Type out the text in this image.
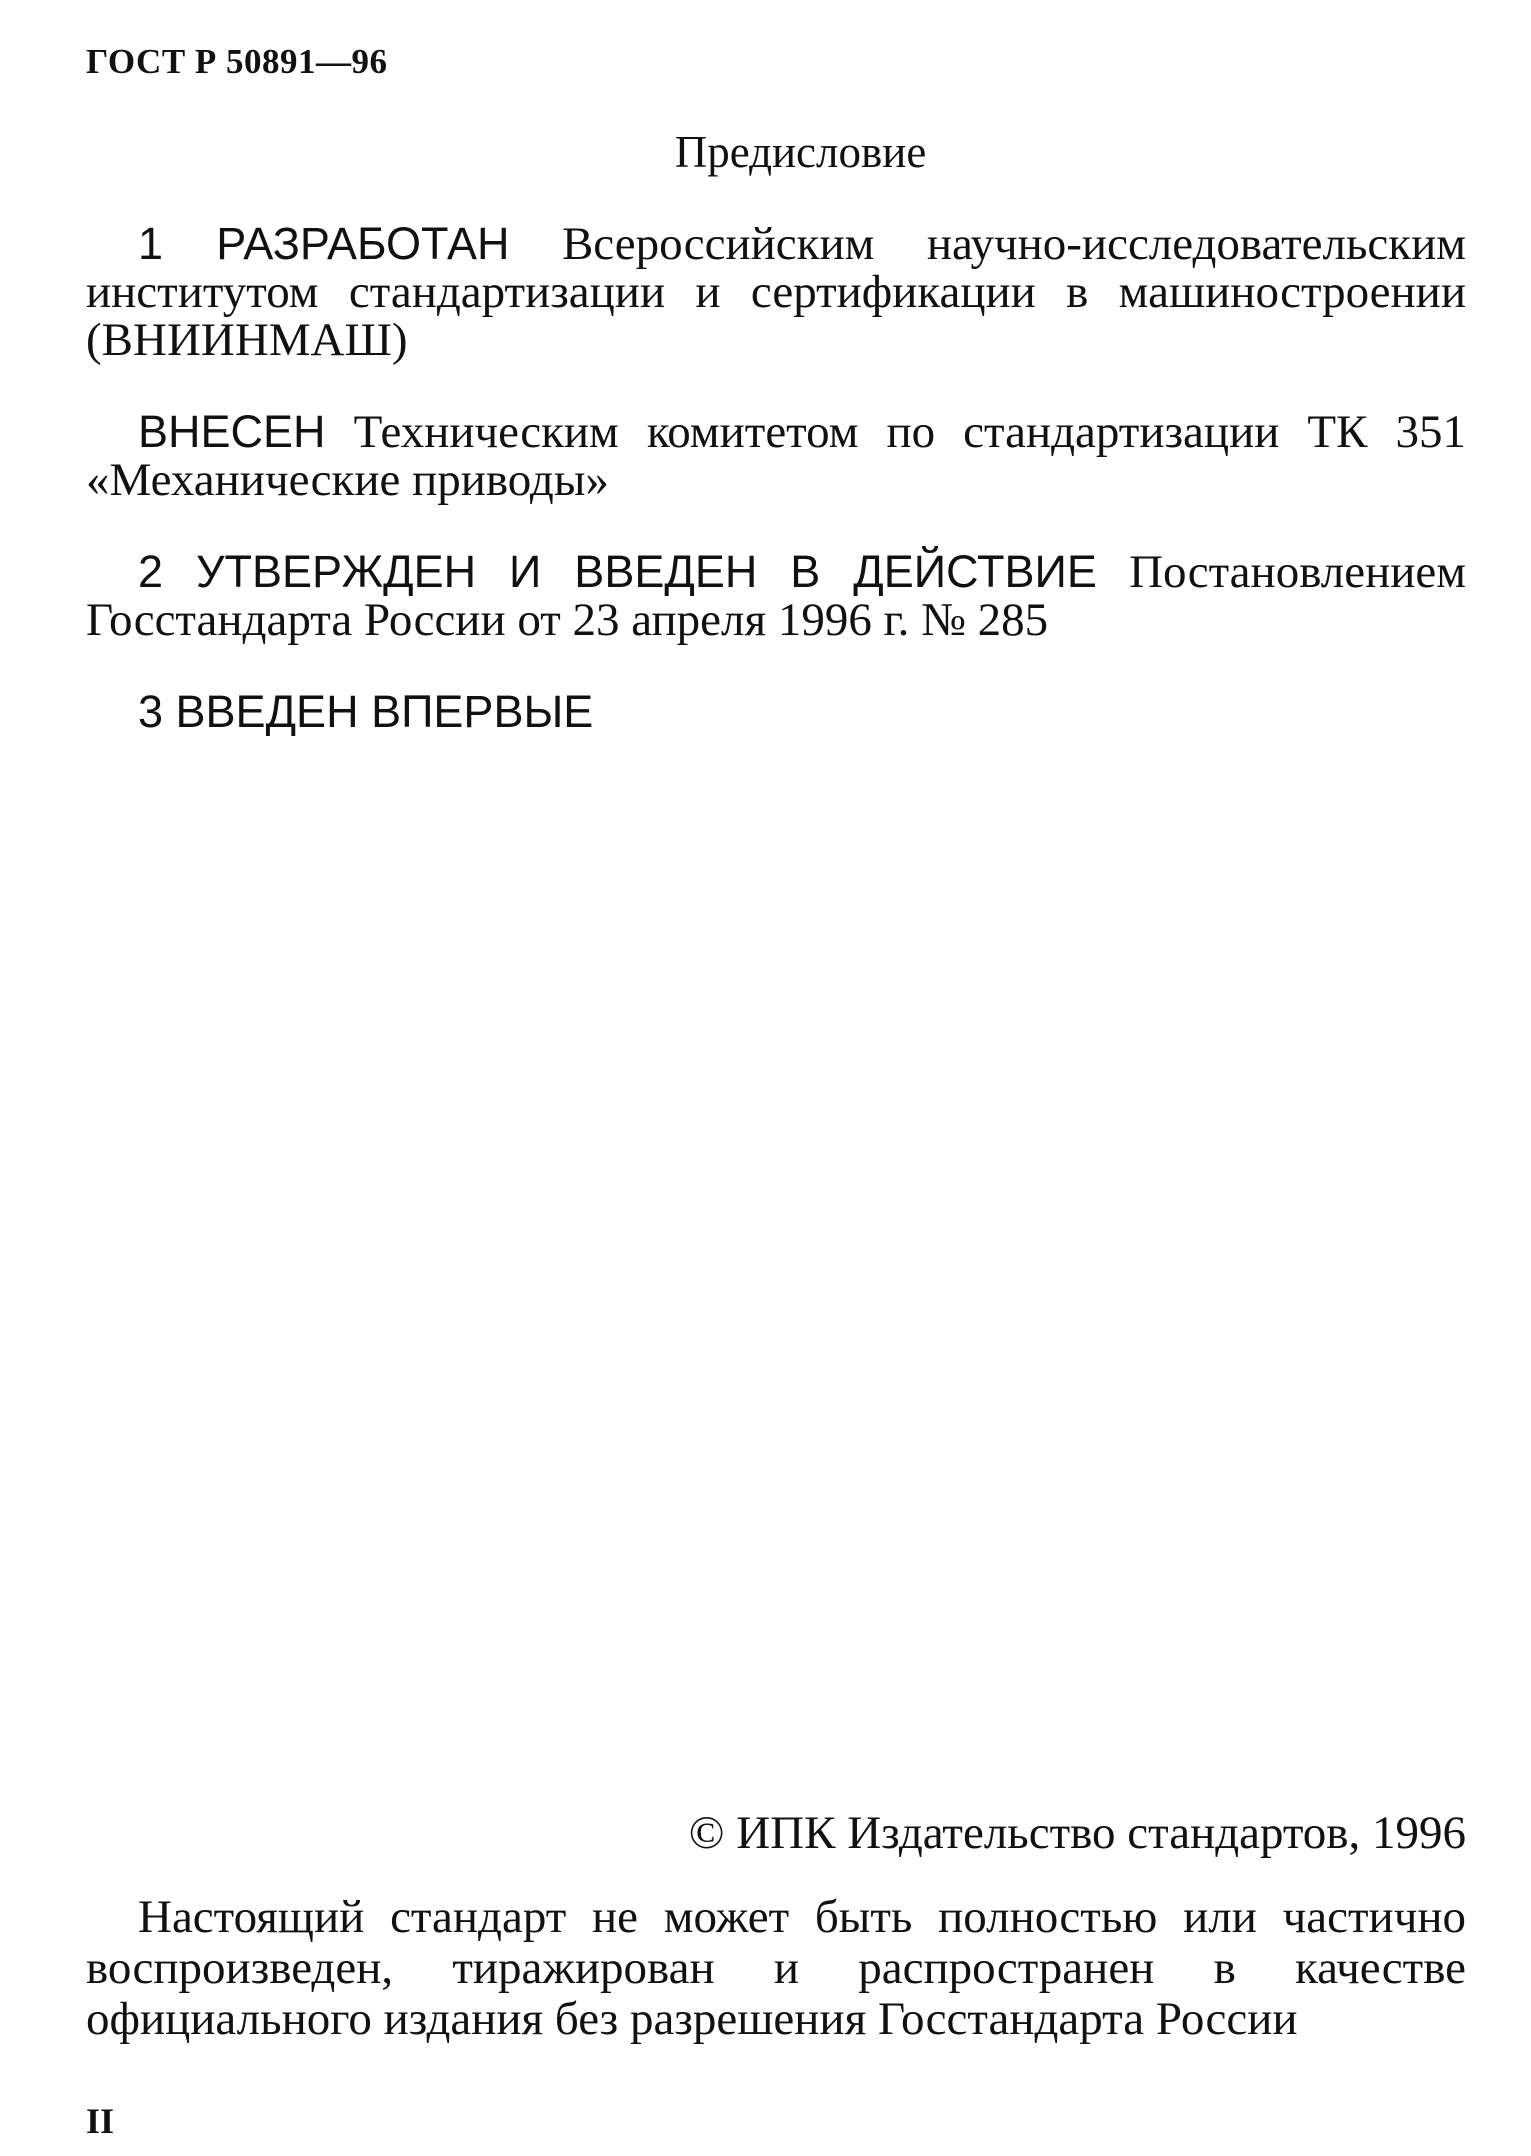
ГОСТ Р 50891—96
Предисловие

1 РАЗРАБОТАН Всероссийским научно-исследовательским институтом стандартизации и сертификации в машиностроении (ВНИИНМАШ)

ВНЕСЕН Техническим комитетом по стандартизации ТК 351 «Механические приводы»

2 УТВЕРЖДЕН И ВВЕДЕН В ДЕЙСТВИЕ Постановлением Госстандарта России от 23 апреля 1996 г. № 285

3 ВВЕДЕН ВПЕРВЫЕ

© ИПК Издательство стандартов, 1996
Настоящий стандарт не может быть полностью или частично воспроизведен, тиражирован и распространен в качестве официального издания без разрешения Госстандарта России
II
